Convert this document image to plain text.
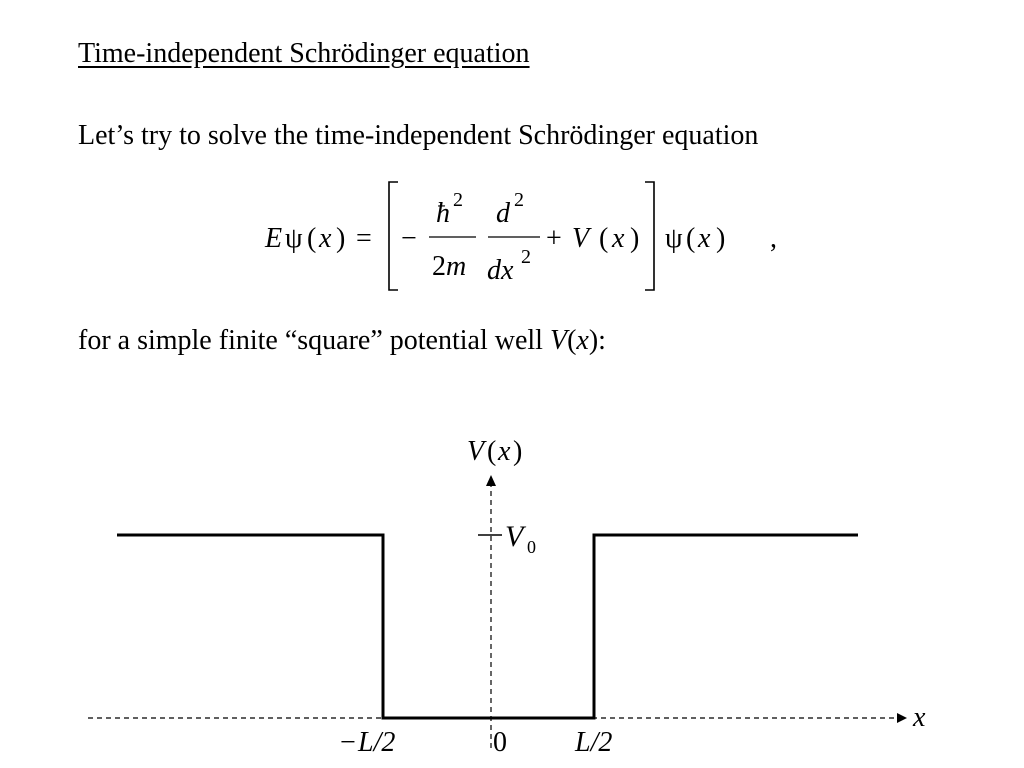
Time-independent Schrödinger equation
Let’s try to solve the time-independent Schrödinger equation
E ψ ( x ) = −
ħ 2
2 m
d 2
dx 2
+ V ( x ) ψ ( x ) ,
V ( x )
V 0
x
− L/2	0 L/2
for a simple finite “square” potential well V(x):
